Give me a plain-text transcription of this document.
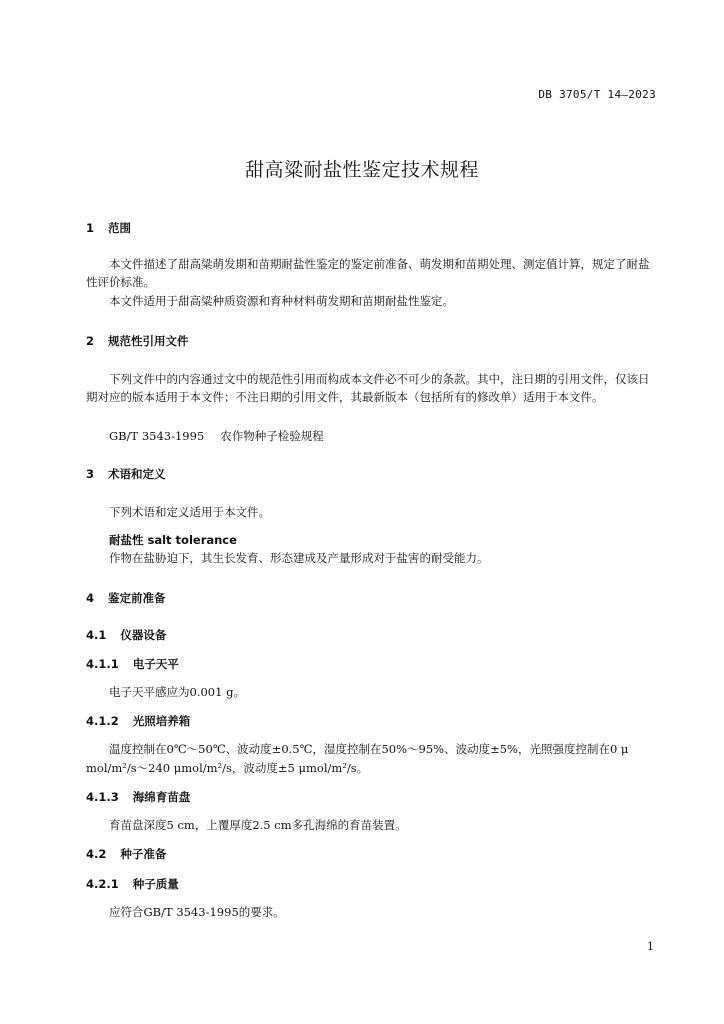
DB 3705/T 14—2023
甜高粱耐盐性鉴定技术规程
1 范围
本文件描述了甜高粱萌发期和苗期耐盐性鉴定的鉴定前准备、萌发期和苗期处理、测定值计算，规定了耐盐性评价标准。
本文件适用于甜高粱种质资源和育种材料萌发期和苗期耐盐性鉴定。
2 规范性引用文件
下列文件中的内容通过文中的规范性引用而构成本文件必不可少的条款。其中，注日期的引用文件，仅该日期对应的版本适用于本文件；不注日期的引用文件，其最新版本（包括所有的修改单）适用于本文件。
GB/T 3543-1995 农作物种子检验规程
3 术语和定义
下列术语和定义适用于本文件。
耐盐性 salt tolerance
作物在盐胁迫下，其生长发育、形态建成及产量形成对于盐害的耐受能力。
4 鉴定前准备
4.1 仪器设备
4.1.1 电子天平
电子天平感应为0.001 g。
4.1.2 光照培养箱
温度控制在0℃～50℃、波动度±0.5℃，湿度控制在50%～95%、波动度±5%，光照强度控制在0 μ
mol/m²/s～240 μmol/m²/s，波动度±5 μmol/m²/s。
4.1.3 海绵育苗盘
育苗盘深度5 cm，上覆厚度2.5 cm多孔海绵的育苗装置。
4.2 种子准备
4.2.1 种子质量
应符合GB/T 3543-1995的要求。
1
